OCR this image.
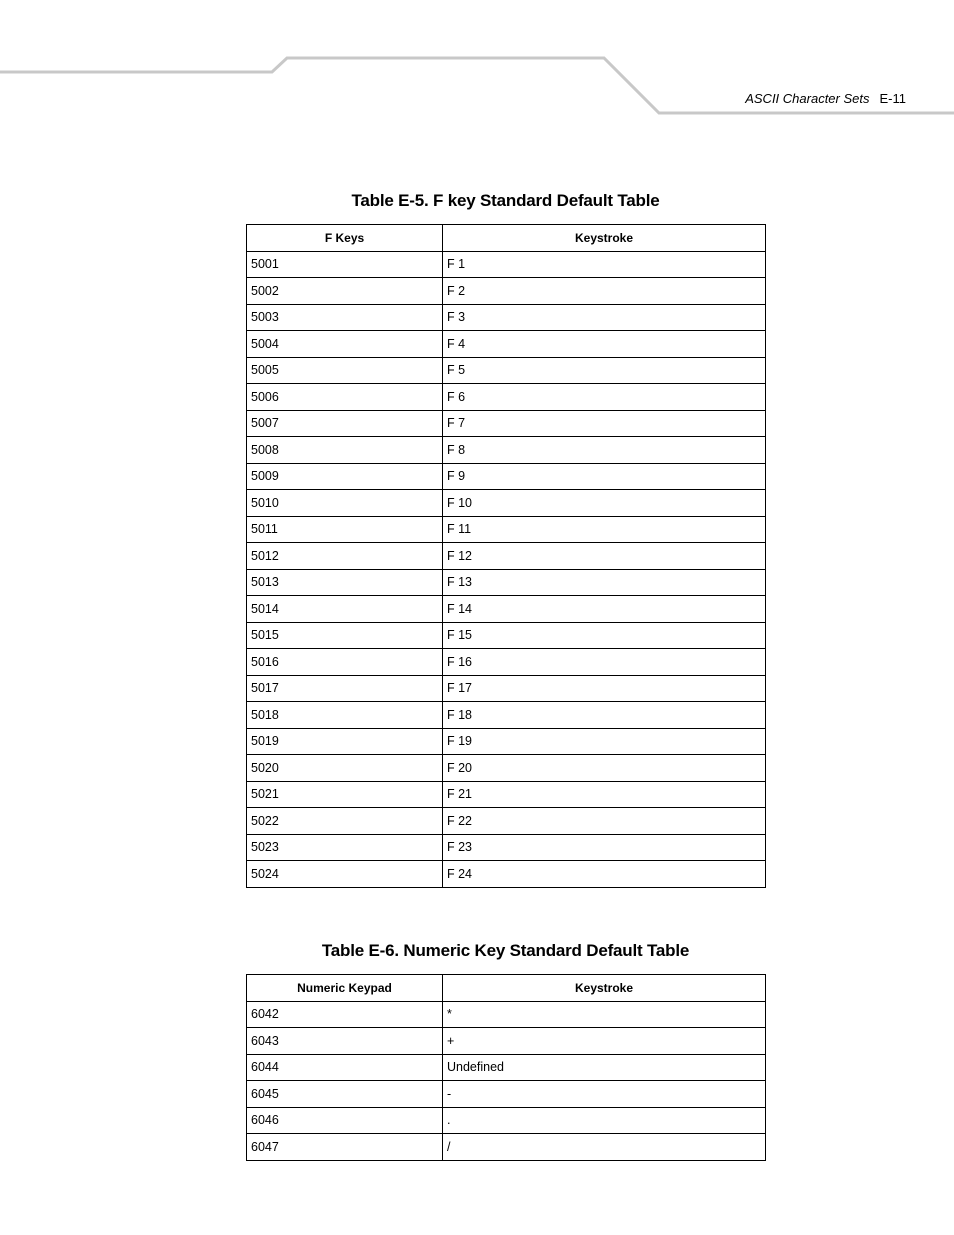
ASCII Character Sets E-11
Table E-5. F key Standard Default Table
F Keys	Keystroke
5001	F 1
5002	F 2
5003	F 3
5004	F 4
5005	F 5
5006	F 6
5007	F 7
5008	F 8
5009	F 9
5010	F 10
5011	F 11
5012	F 12
5013	F 13
5014	F 14
5015	F 15
5016	F 16
5017	F 17
5018	F 18
5019	F 19
5020	F 20
5021	F 21
5022	F 22
5023	F 23
5024	F 24
Table E-6. Numeric Key Standard Default Table
Numeric Keypad	Keystroke
6042	*
6043	+
6044	Undefined
6045	-
6046	.
6047	/
